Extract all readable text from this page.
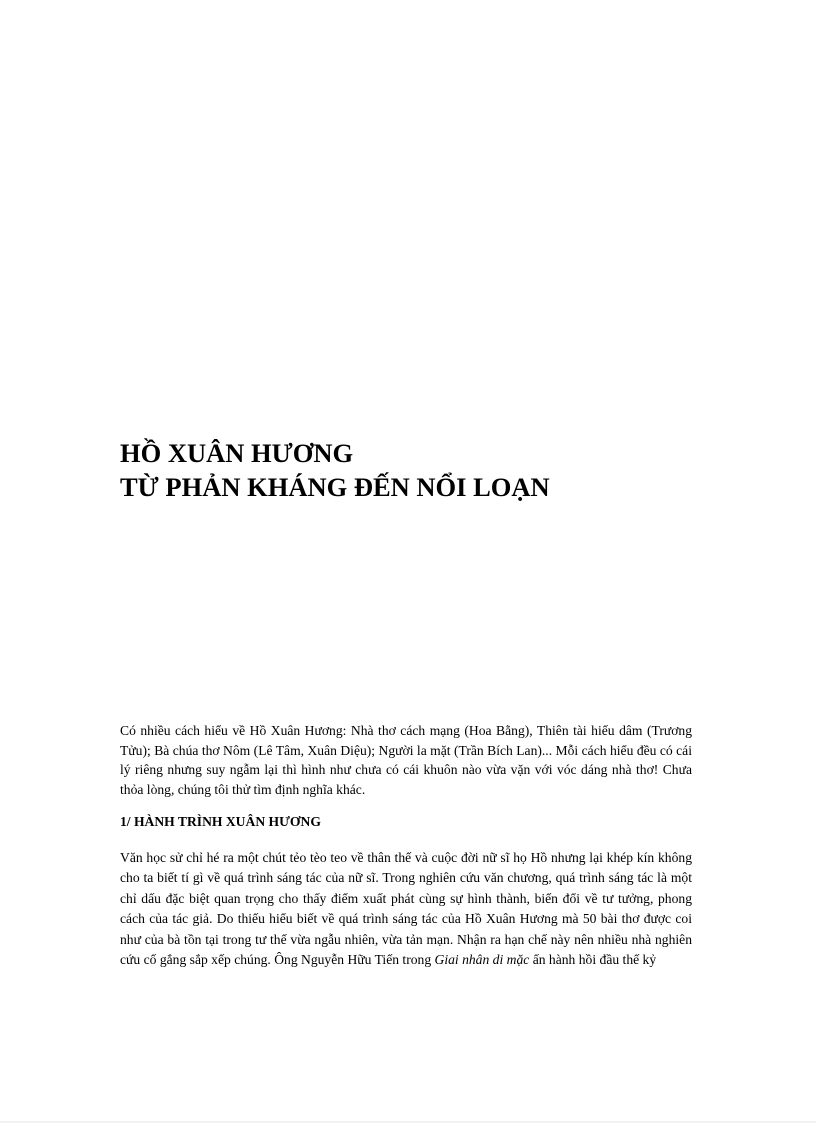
HỒ XUÂN HƯƠNG
TỪ PHẢN KHÁNG ĐẾN NỔI LOẠN

Có nhiều cách hiểu về Hồ Xuân Hương: Nhà thơ cách mạng (Hoa Bằng), Thiên tài hiếu dâm (Trương Tửu); Bà chúa thơ Nôm (Lê Tâm, Xuân Diệu); Người la mặt (Trần Bích Lan)... Mỗi cách hiểu đều có cái lý riêng nhưng suy ngẫm lại thì hình như chưa có cái khuôn nào vừa vặn với vóc dáng nhà thơ! Chưa thỏa lòng, chúng tôi thử tìm định nghĩa khác.

1/ HÀNH TRÌNH XUÂN HƯƠNG

Văn học sử chỉ hé ra một chút tẻo tèo teo về thân thế và cuộc đời nữ sĩ họ Hồ nhưng lại khép kín không cho ta biết tí gì về quá trình sáng tác của nữ sĩ. Trong nghiên cứu văn chương, quá trình sáng tác là một chỉ dấu đặc biệt quan trọng cho thấy điểm xuất phát cùng sự hình thành, biến đổi về tư tưởng, phong cách của tác giả. Do thiếu hiểu biết về quá trình sáng tác của Hồ Xuân Hương mà 50 bài thơ được coi như của bà tồn tại trong tư thế vừa ngẫu nhiên, vừa tản mạn. Nhận ra hạn chế này nên nhiều nhà nghiên cứu cố gắng sắp xếp chúng. Ông Nguyễn Hữu Tiến trong Giai nhân di mặc ấn hành hồi đầu thế kỷ
